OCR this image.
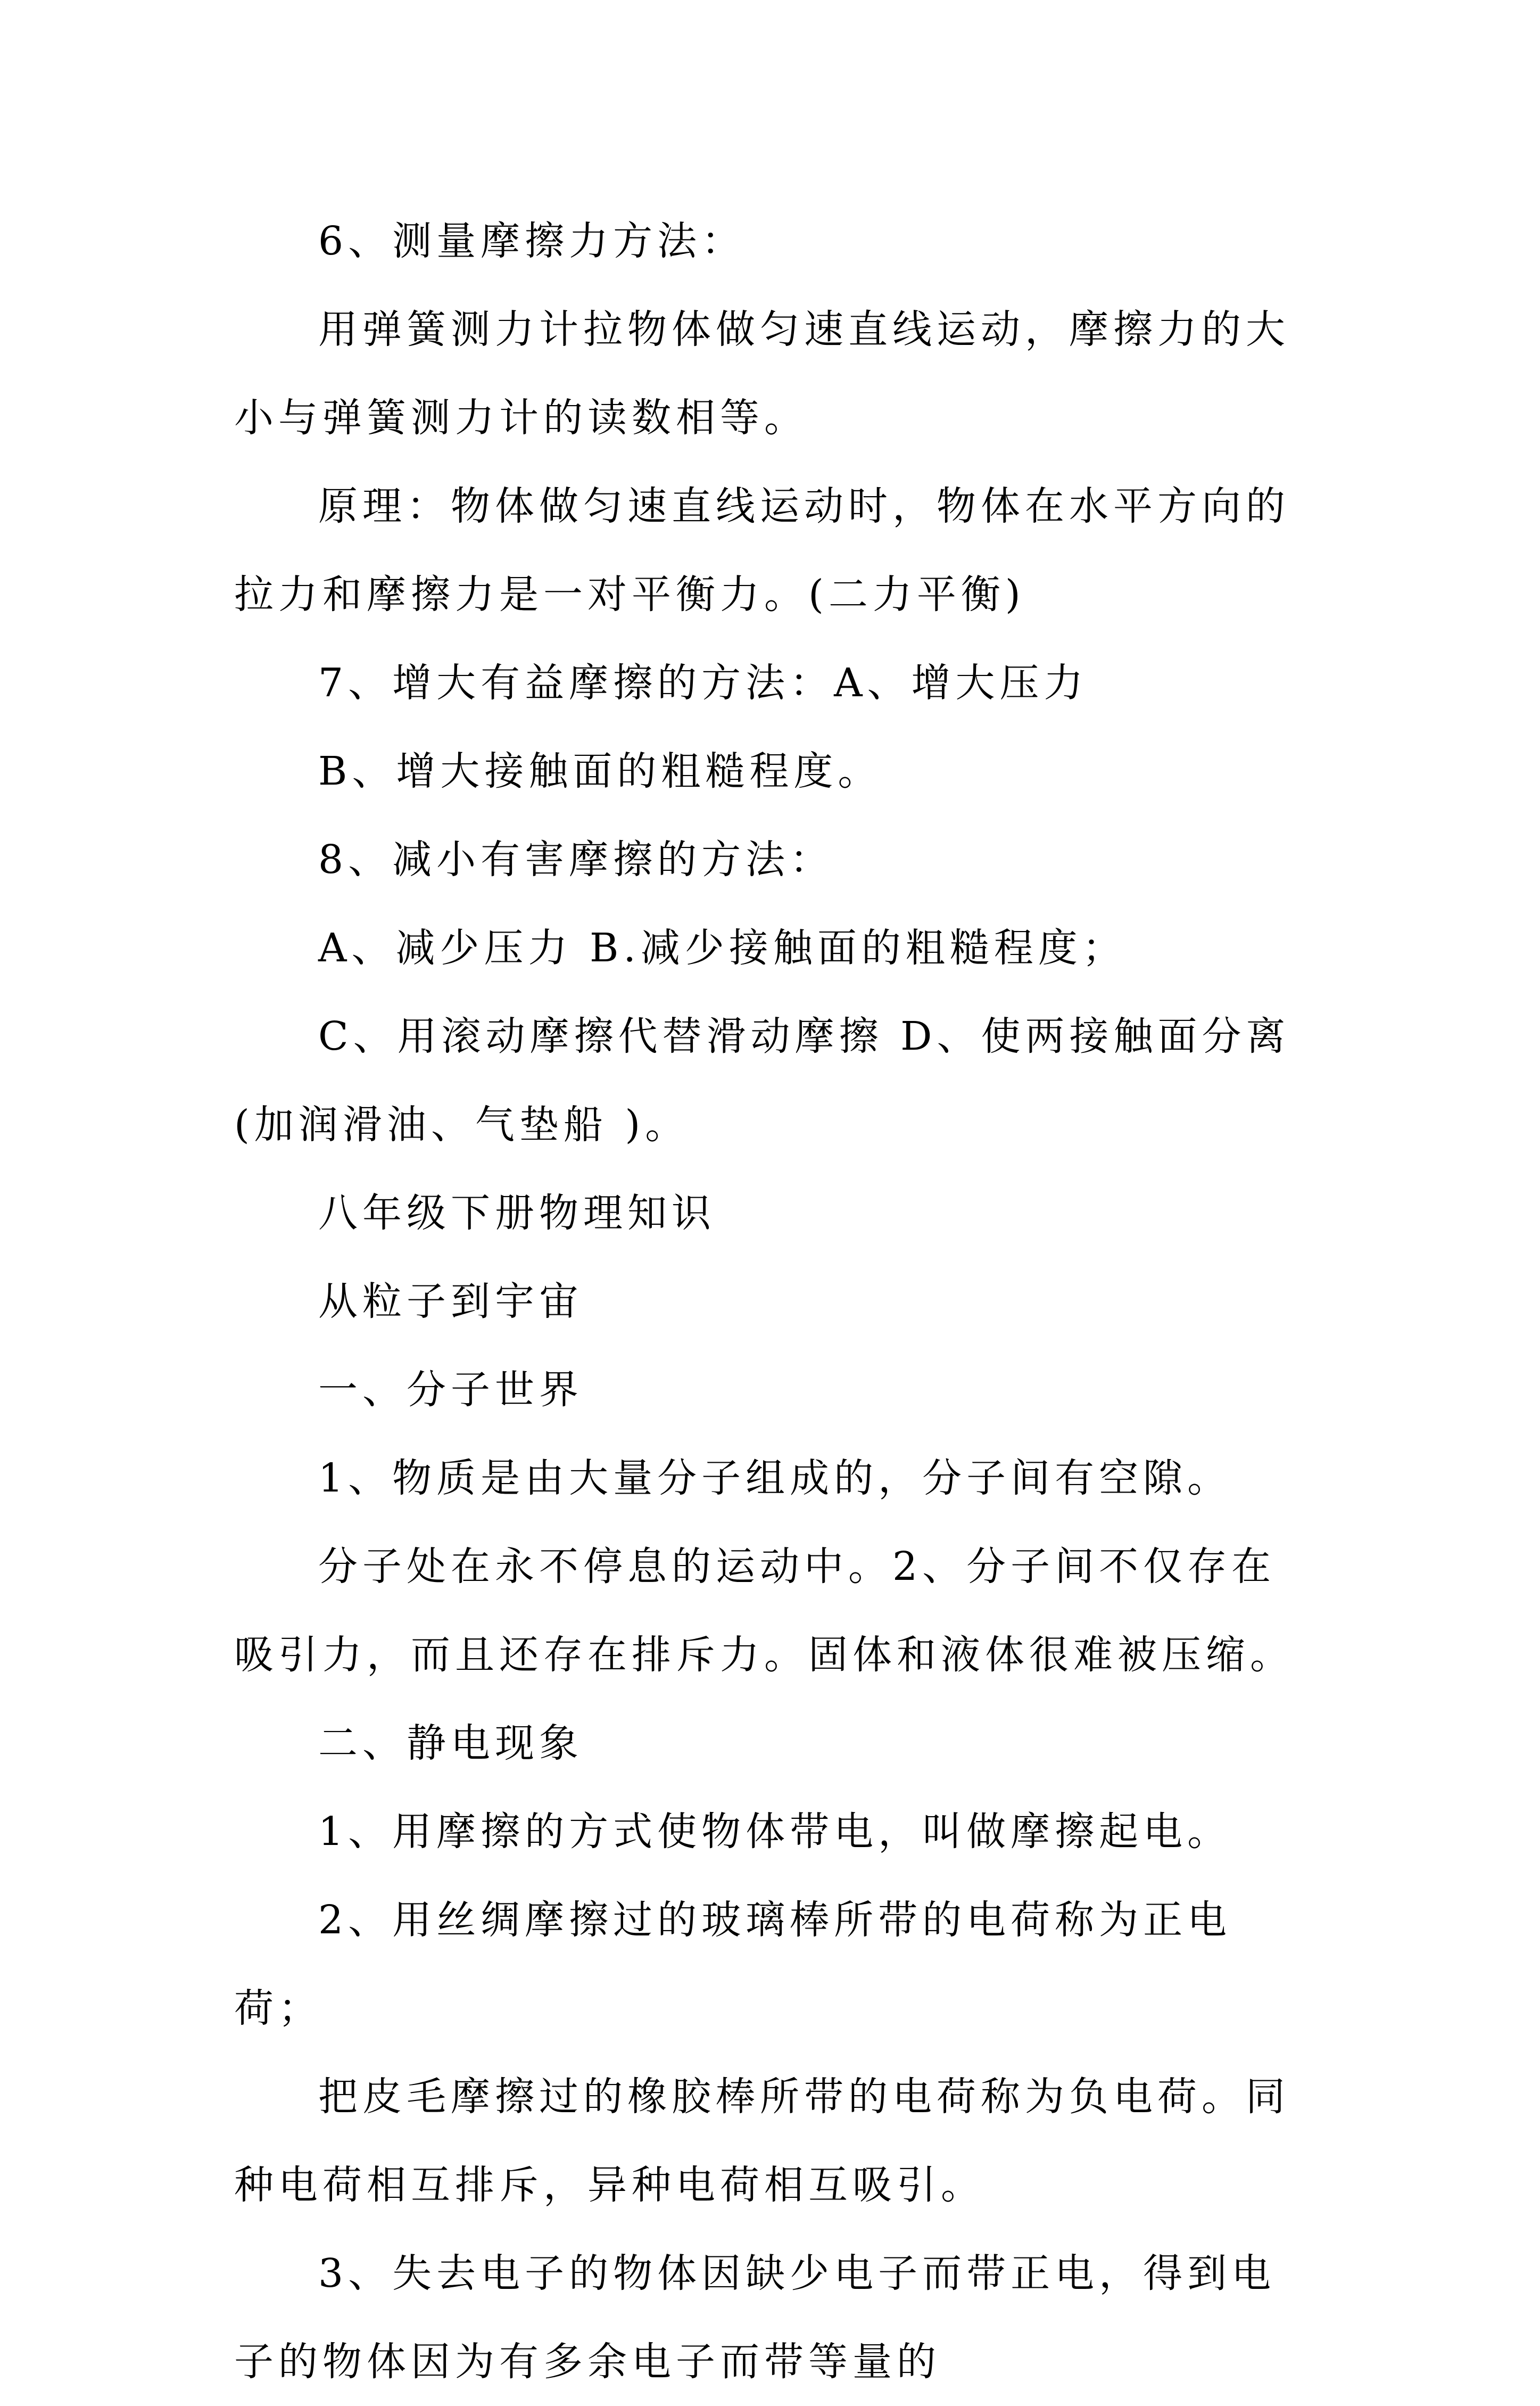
6、测量摩擦力方法：

用弹簧测力计拉物体做匀速直线运动，摩擦力的大小与弹簧测力计的读数相等。

原理：物体做匀速直线运动时，物体在水平方向的拉力和摩擦力是一对平衡力。(二力平衡)

7、增大有益摩擦的方法：A、增大压力

B、增大接触面的粗糙程度。

8、减小有害摩擦的方法：

A、减少压力 B.减少接触面的粗糙程度；

C、用滚动摩擦代替滑动摩擦 D、使两接触面分离(加润滑油、气垫船 )。

八年级下册物理知识

从粒子到宇宙

一、分子世界

1、物质是由大量分子组成的，分子间有空隙。

分子处在永不停息的运动中。2、分子间不仅存在吸引力，而且还存在排斥力。固体和液体很难被压缩。

二、静电现象

1、用摩擦的方式使物体带电，叫做摩擦起电。

2、用丝绸摩擦过的玻璃棒所带的电荷称为正电荷；

把皮毛摩擦过的橡胶棒所带的电荷称为负电荷。同种电荷相互排斥，异种电荷相互吸引。

3、失去电子的物体因缺少电子而带正电，得到电子的物体因为有多余电子而带等量的
